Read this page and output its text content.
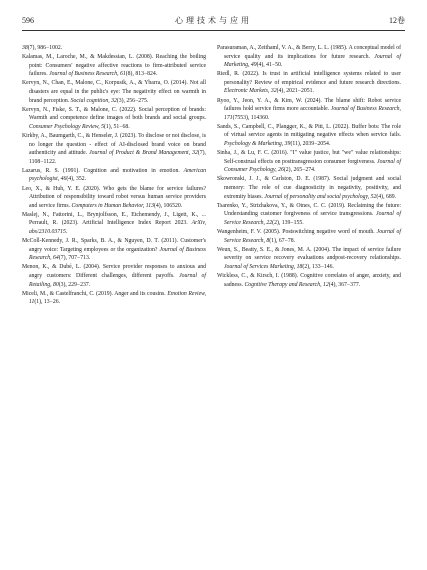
596	心理技术与应用	12卷

38(7), 986−1002.

Kalamas, M., Laroche, M., & Makdessian, L. (2008). Reaching the boiling point: Consumers' negative affective reactions to firm-attributed service failures. Journal of Business Research, 61(8), 813−824.

Kervyn, N., Chan, E., Malone, C., Korpusik, A., & Ybarra, O. (2014). Not all disasters are equal in the public's eye: The negativity effect on warmth in brand perception. Social cognition, 32(3), 256−275.

Kervyn, N., Fiske, S. T., & Malone, C. (2022). Social perception of brands: Warmth and competence define images of both brands and social groups. Consumer Psychology Review, 5(1), 51−68.

Kirkby, A., Baumgarth, C., & Henseler, J. (2023). To disclose or not disclose, is no longer the question - effect of AI-disclosed brand voice on brand authenticity and attitude. Journal of Product & Brand Management, 32(7), 1108−1122.

Lazarus, R. S. (1991). Cognition and motivation in emotion. American psychologist, 46(4), 352.

Leo, X., & Huh, Y. E. (2020). Who gets the blame for service failures? Attribution of responsibility toward robot versus human service providers and service firms. Computers in Human Behavior, 113(4), 106520.

Maslej, N., Fattorini, L., Brynjolfsson, E., Etchemendy, J., Ligett, K., ... Perrault, R. (2023). Artificial Intelligence Index Report 2023. ArXiv, abs/2310.03715.

McColl-Kennedy, J. R., Sparks, B. A., & Nguyen, D. T. (2011). Customer's angry voice: Targeting employees or the organization? Journal of Business Research, 64(7), 707−713.

Menon, K., & Dubé, L. (2004). Service provider responses to anxious and angry customers: Different challenges, different payoffs. Journal of Retailing, 80(3), 229−237.

Miceli, M., & Castelfranchi, C. (2019). Anger and its cousins. Emotion Review, 11(1), 13−26.

Parasuraman, A., Zeithaml, V. A., & Berry, L. L. (1985). A conceptual model of service quality and its implications for future research. Journal of Marketing, 49(4), 41−50.

Riedl, R. (2022). Is trust in artificial intelligence systems related to user personality? Review of empirical evidence and future research directions. Electronic Markets, 32(4), 2021−2051.

Ryoo, Y., Jeon, Y. A., & Kim, W. (2024). The blame shift: Robot service failures hold service firms more accountable. Journal of Business Research, 171(7553), 114360.

Sands, S., Campbell, C., Plangger, K., & Pitt, L. (2022). Buffer bots: The role of virtual service agents in mitigating negative effects when service fails. Psychology & Marketing, 39(11), 2039−2054.

Sinha, J., & Lu, F. C. (2016). "I" value justice, but "we" value relationships: Self-construal effects on posttransgression consumer forgiveness. Journal of Consumer Psychology, 26(2), 265−274.

Skowronski, J. J., & Carlston, D. E. (1987). Social judgment and social memory: The role of cue diagnosticity in negativity, positivity, and extremity biases. Journal of personality and social psychology, 52(4), 689.

Tsarenko, Y., Strizhakova, Y., & Otnes, C. C. (2019). Reclaiming the future: Understanding customer forgiveness of service transgressions. Journal of Service Research, 22(2), 139−155.

Wangenheim, F. V. (2005). Postswitching negative word of mouth. Journal of Service Research, 8(1), 67−78.

Weun, S., Beatty, S. E., & Jones, M. A. (2004). The impact of service failure severity on service recovery evaluations andpost-recovery relationships. Journal of Services Marketing, 18(2), 133−146.

Wickless, C., & Kirsch, I. (1988). Cognitive correlates of anger, anxiety, and sadness. Cognitive Therapy and Research, 12(4), 367−377.
